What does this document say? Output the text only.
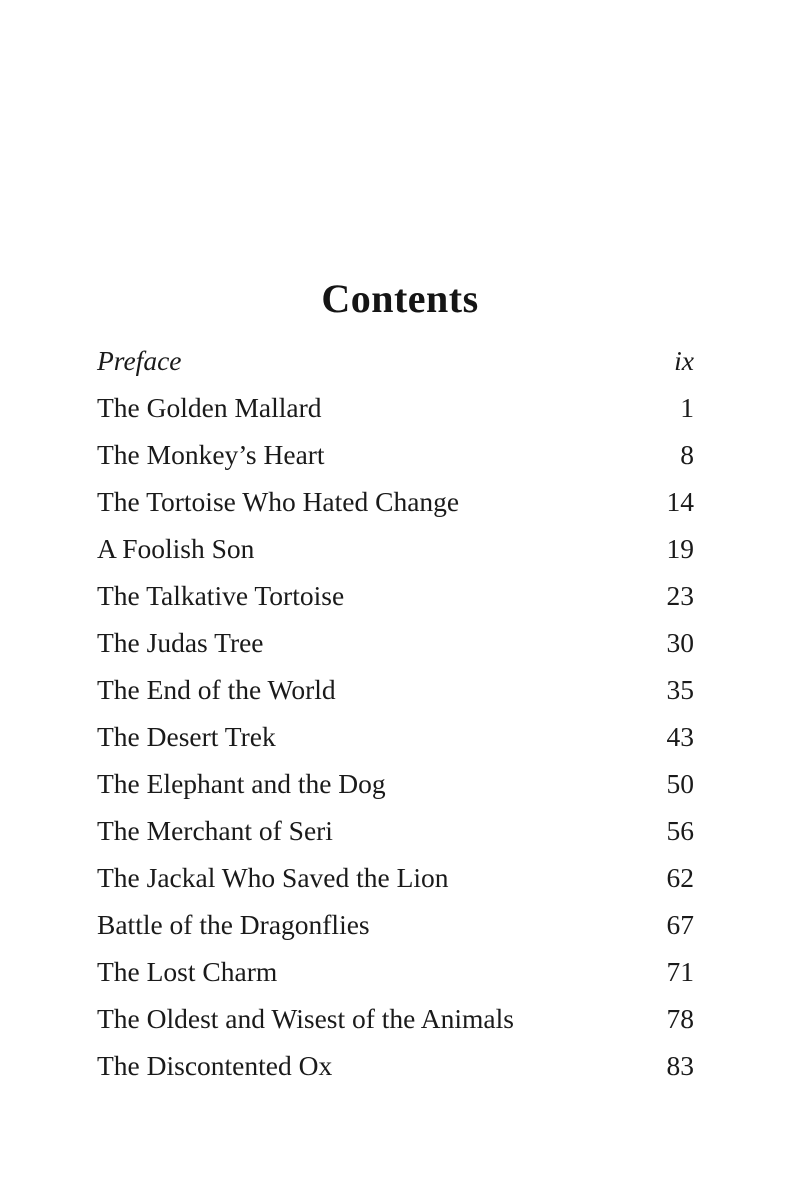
Contents
Preface	ix
The Golden Mallard	1
The Monkey’s Heart	8
The Tortoise Who Hated Change	14
A Foolish Son	19
The Talkative Tortoise	23
The Judas Tree	30
The End of the World	35
The Desert Trek	43
The Elephant and the Dog	50
The Merchant of Seri	56
The Jackal Who Saved the Lion	62
Battle of the Dragonflies	67
The Lost Charm	71
The Oldest and Wisest of the Animals	78
The Discontented Ox	83
